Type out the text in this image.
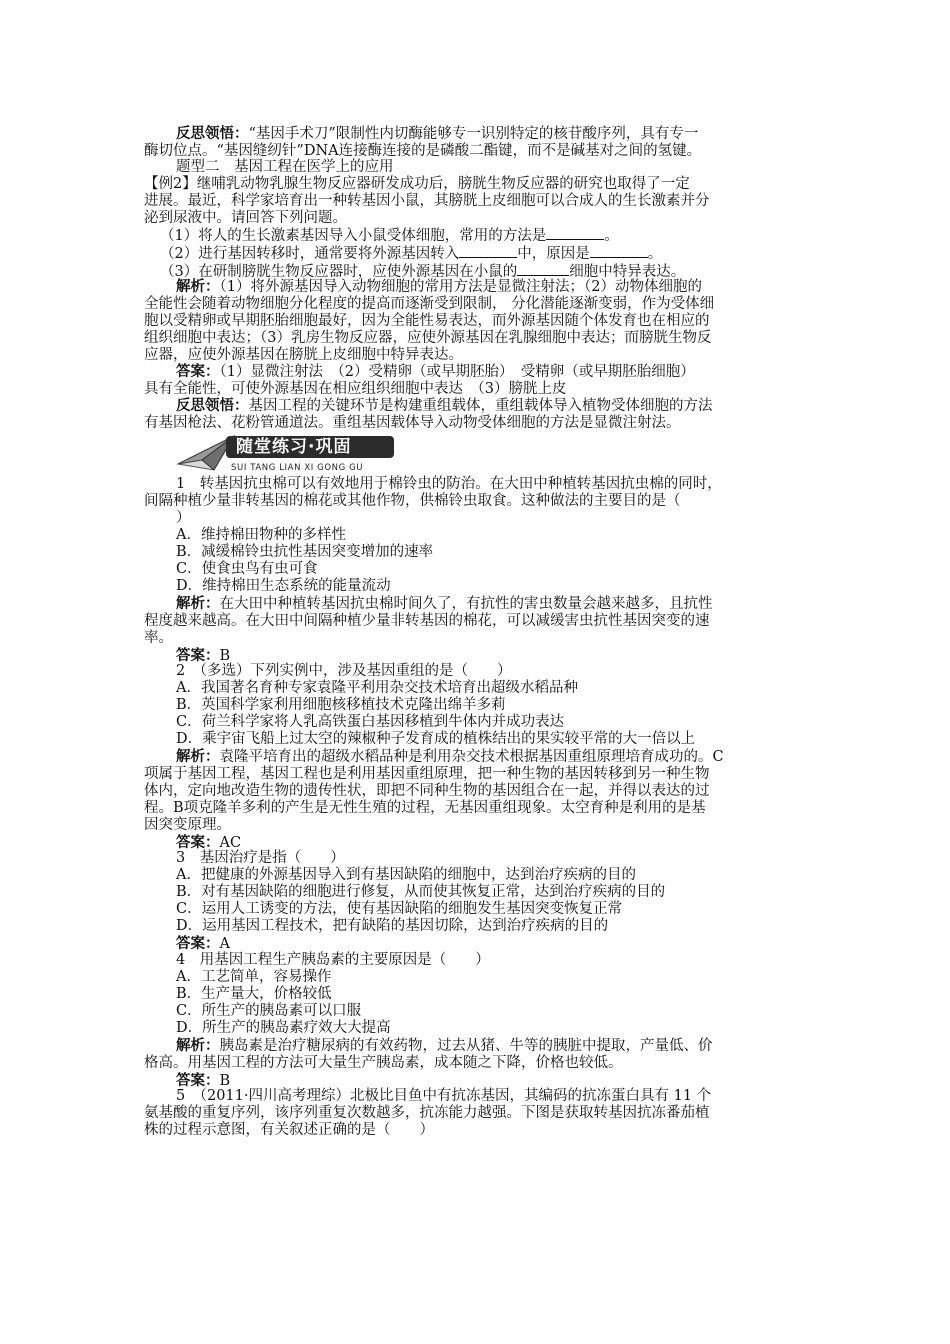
反思领悟：“基因手术刀”限制性内切酶能够专一识别特定的核苷酸序列，具有专一
酶切位点。“基因缝纫针”DNA连接酶连接的是磷酸二酯键，而不是碱基对之间的氢键。
题型二　基因工程在医学上的应用
【例2】继哺乳动物乳腺生物反应器研发成功后，膀胱生物反应器的研究也取得了一定
进展。最近，科学家培育出一种转基因小鼠，其膀胱上皮细胞可以合成人的生长激素并分
泌到尿液中。请回答下列问题。
（1）将人的生长激素基因导入小鼠受体细胞，常用的方法是	。
（2）进行基因转移时，通常要将外源基因转入	中，原因是	。
（3）在研制膀胱生物反应器时，应使外源基因在小鼠的	细胞中特异表达。
解析：（1）将外源基因导入动物细胞的常用方法是显微注射法；（2）动物体细胞的
全能性会随着动物细胞分化程度的提高而逐渐受到限制， 分化潜能逐渐变弱，作为受体细
胞以受精卵或早期胚胎细胞最好，因为全能性易表达，而外源基因随个体发育也在相应的
组织细胞中表达；（3）乳房生物反应器，应使外源基因在乳腺细胞中表达；而膀胱生物反
应器，应使外源基因在膀胱上皮细胞中特异表达。
答案：（1）显微注射法　（2）受精卵（或早期胚胎）　受精卵（或早期胚胎细胞）
具有全能性，可使外源基因在相应组织细胞中表达　（3）膀胱上皮
反思领悟：基因工程的关键环节是构建重组载体，重组载体导入植物受体细胞的方法
有基因枪法、花粉管通道法。重组基因载体导入动物受体细胞的方法是显微注射法。
随堂练习·巩固
SUI TANG LIAN XI GONG GU
1　转基因抗虫棉可以有效地用于棉铃虫的防治。在大田中种植转基因抗虫棉的同时，
间隔种植少量非转基因的棉花或其他作物，供棉铃虫取食。这种做法的主要目的是（
）
A．维持棉田物种的多样性
B．减缓棉铃虫抗性基因突变增加的速率
C．使食虫鸟有虫可食
D．维持棉田生态系统的能量流动
解析：在大田中种植转基因抗虫棉时间久了，有抗性的害虫数量会越来越多，且抗性
程度越来越高。在大田中间隔种植少量非转基因的棉花，可以减缓害虫抗性基因突变的速
率。
答案：B
2　（多选）下列实例中，涉及基因重组的是（　　）
A．我国著名育种专家袁隆平利用杂交技术培育出超级水稻品种
B．英国科学家利用细胞核移植技术克隆出绵羊多莉
C．荷兰科学家将人乳高铁蛋白基因移植到牛体内并成功表达
D．乘宇宙飞船上过太空的辣椒种子发育成的植株结出的果实较平常的大一倍以上
解析：袁隆平培育出的超级水稻品种是利用杂交技术根据基因重组原理培育成功的。C
项属于基因工程，基因工程也是利用基因重组原理，把一种生物的基因转移到另一种生物
体内，定向地改造生物的遗传性状，即把不同种生物的基因组合在一起，并得以表达的过
程。B项克隆羊多利的产生是无性生殖的过程，无基因重组现象。太空育种是利用的是基
因突变原理。
答案：AC
3　基因治疗是指（　　）
A．把健康的外源基因导入到有基因缺陷的细胞中，达到治疗疾病的目的
B．对有基因缺陷的细胞进行修复，从而使其恢复正常，达到治疗疾病的目的
C．运用人工诱变的方法，使有基因缺陷的细胞发生基因突变恢复正常
D．运用基因工程技术，把有缺陷的基因切除，达到治疗疾病的目的
答案：A
4　用基因工程生产胰岛素的主要原因是（　　）
A．工艺简单，容易操作
B．生产量大，价格较低
C．所生产的胰岛素可以口服
D．所生产的胰岛素疗效大大提高
解析：胰岛素是治疗糖尿病的有效药物，过去从猪、牛等的胰脏中提取，产量低、价
格高。用基因工程的方法可大量生产胰岛素，成本随之下降，价格也较低。
答案：B
5　（2011·四川高考理综）北极比目鱼中有抗冻基因，其编码的抗冻蛋白具有 11 个
氨基酸的重复序列，该序列重复次数越多，抗冻能力越强。下图是获取转基因抗冻番茄植
株的过程示意图，有关叙述正确的是（　　）
